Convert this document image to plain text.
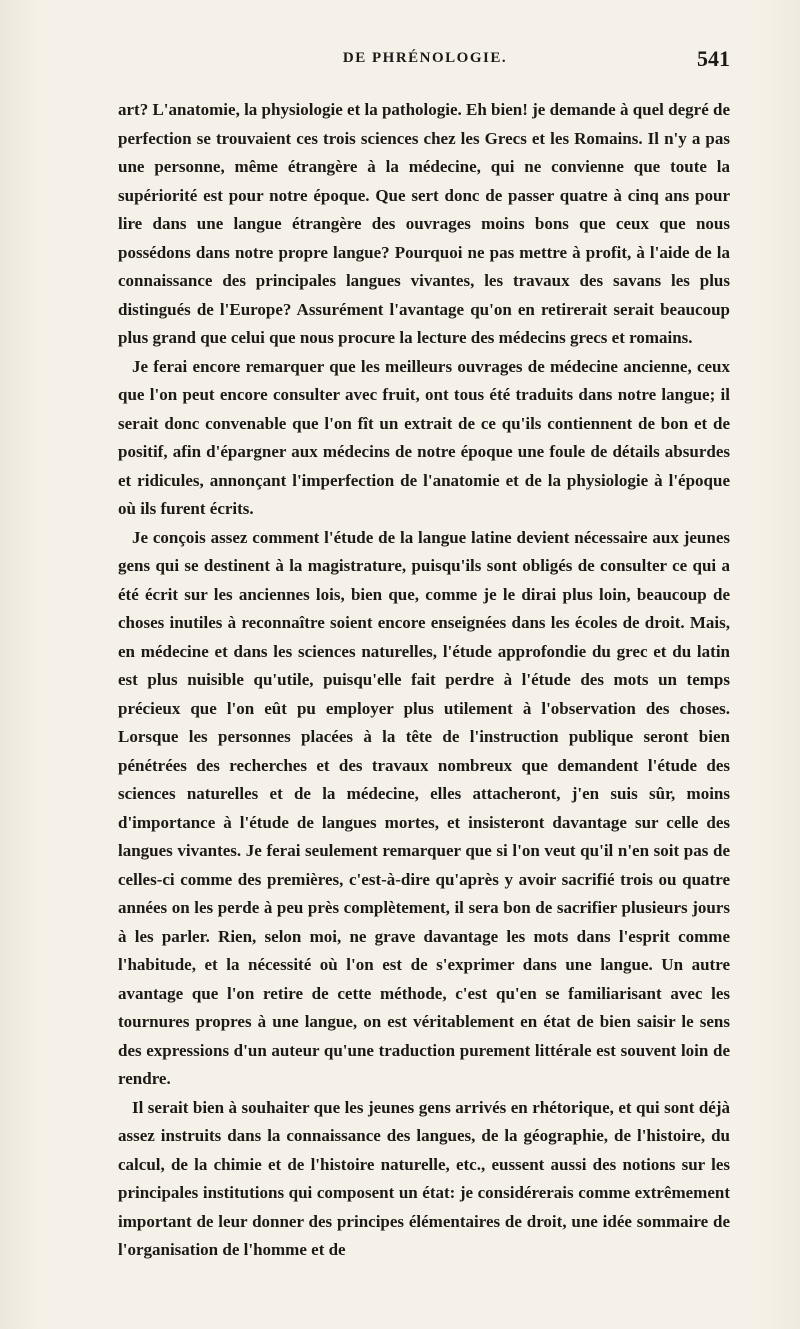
DE PHRÉNOLOGIE.	541

art? L'anatomie, la physiologie et la pathologie. Eh bien! je demande à quel degré de perfection se trouvaient ces trois sciences chez les Grecs et les Romains. Il n'y a pas une personne, même étrangère à la médecine, qui ne convienne que toute la supériorité est pour notre époque. Que sert donc de passer quatre à cinq ans pour lire dans une langue étrangère des ouvrages moins bons que ceux que nous possédons dans notre propre langue? Pourquoi ne pas mettre à profit, à l'aide de la connaissance des principales langues vivantes, les travaux des savans les plus distingués de l'Europe? Assurément l'avantage qu'on en retirerait serait beaucoup plus grand que celui que nous procure la lecture des médecins grecs et romains.

Je ferai encore remarquer que les meilleurs ouvrages de médecine ancienne, ceux que l'on peut encore consulter avec fruit, ont tous été traduits dans notre langue; il serait donc convenable que l'on fît un extrait de ce qu'ils contiennent de bon et de positif, afin d'épargner aux médecins de notre époque une foule de détails absurdes et ridicules, annonçant l'imperfection de l'anatomie et de la physiologie à l'époque où ils furent écrits.

Je conçois assez comment l'étude de la langue latine devient nécessaire aux jeunes gens qui se destinent à la magistrature, puisqu'ils sont obligés de consulter ce qui a été écrit sur les anciennes lois, bien que, comme je le dirai plus loin, beaucoup de choses inutiles à reconnaître soient encore enseignées dans les écoles de droit. Mais, en médecine et dans les sciences naturelles, l'étude approfondie du grec et du latin est plus nuisible qu'utile, puisqu'elle fait perdre à l'étude des mots un temps précieux que l'on eût pu employer plus utilement à l'observation des choses. Lorsque les personnes placées à la tête de l'instruction publique seront bien pénétrées des recherches et des travaux nombreux que demandent l'étude des sciences naturelles et de la médecine, elles attacheront, j'en suis sûr, moins d'importance à l'étude de langues mortes, et insisteront davantage sur celle des langues vivantes. Je ferai seulement remarquer que si l'on veut qu'il n'en soit pas de celles-ci comme des premières, c'est-à-dire qu'après y avoir sacrifié trois ou quatre années on les perde à peu près complètement, il sera bon de sacrifier plusieurs jours à les parler. Rien, selon moi, ne grave davantage les mots dans l'esprit comme l'habitude, et la nécessité où l'on est de s'exprimer dans une langue. Un autre avantage que l'on retire de cette méthode, c'est qu'en se familiarisant avec les tournures propres à une langue, on est véritablement en état de bien saisir le sens des expressions d'un auteur qu'une traduction purement littérale est souvent loin de rendre.

Il serait bien à souhaiter que les jeunes gens arrivés en rhétorique, et qui sont déjà assez instruits dans la connaissance des langues, de la géographie, de l'histoire, du calcul, de la chimie et de l'histoire naturelle, etc., eussent aussi des notions sur les principales institutions qui composent un état: je considérerais comme extrêmement important de leur donner des principes élémentaires de droit, une idée sommaire de l'organisation de l'homme et de
